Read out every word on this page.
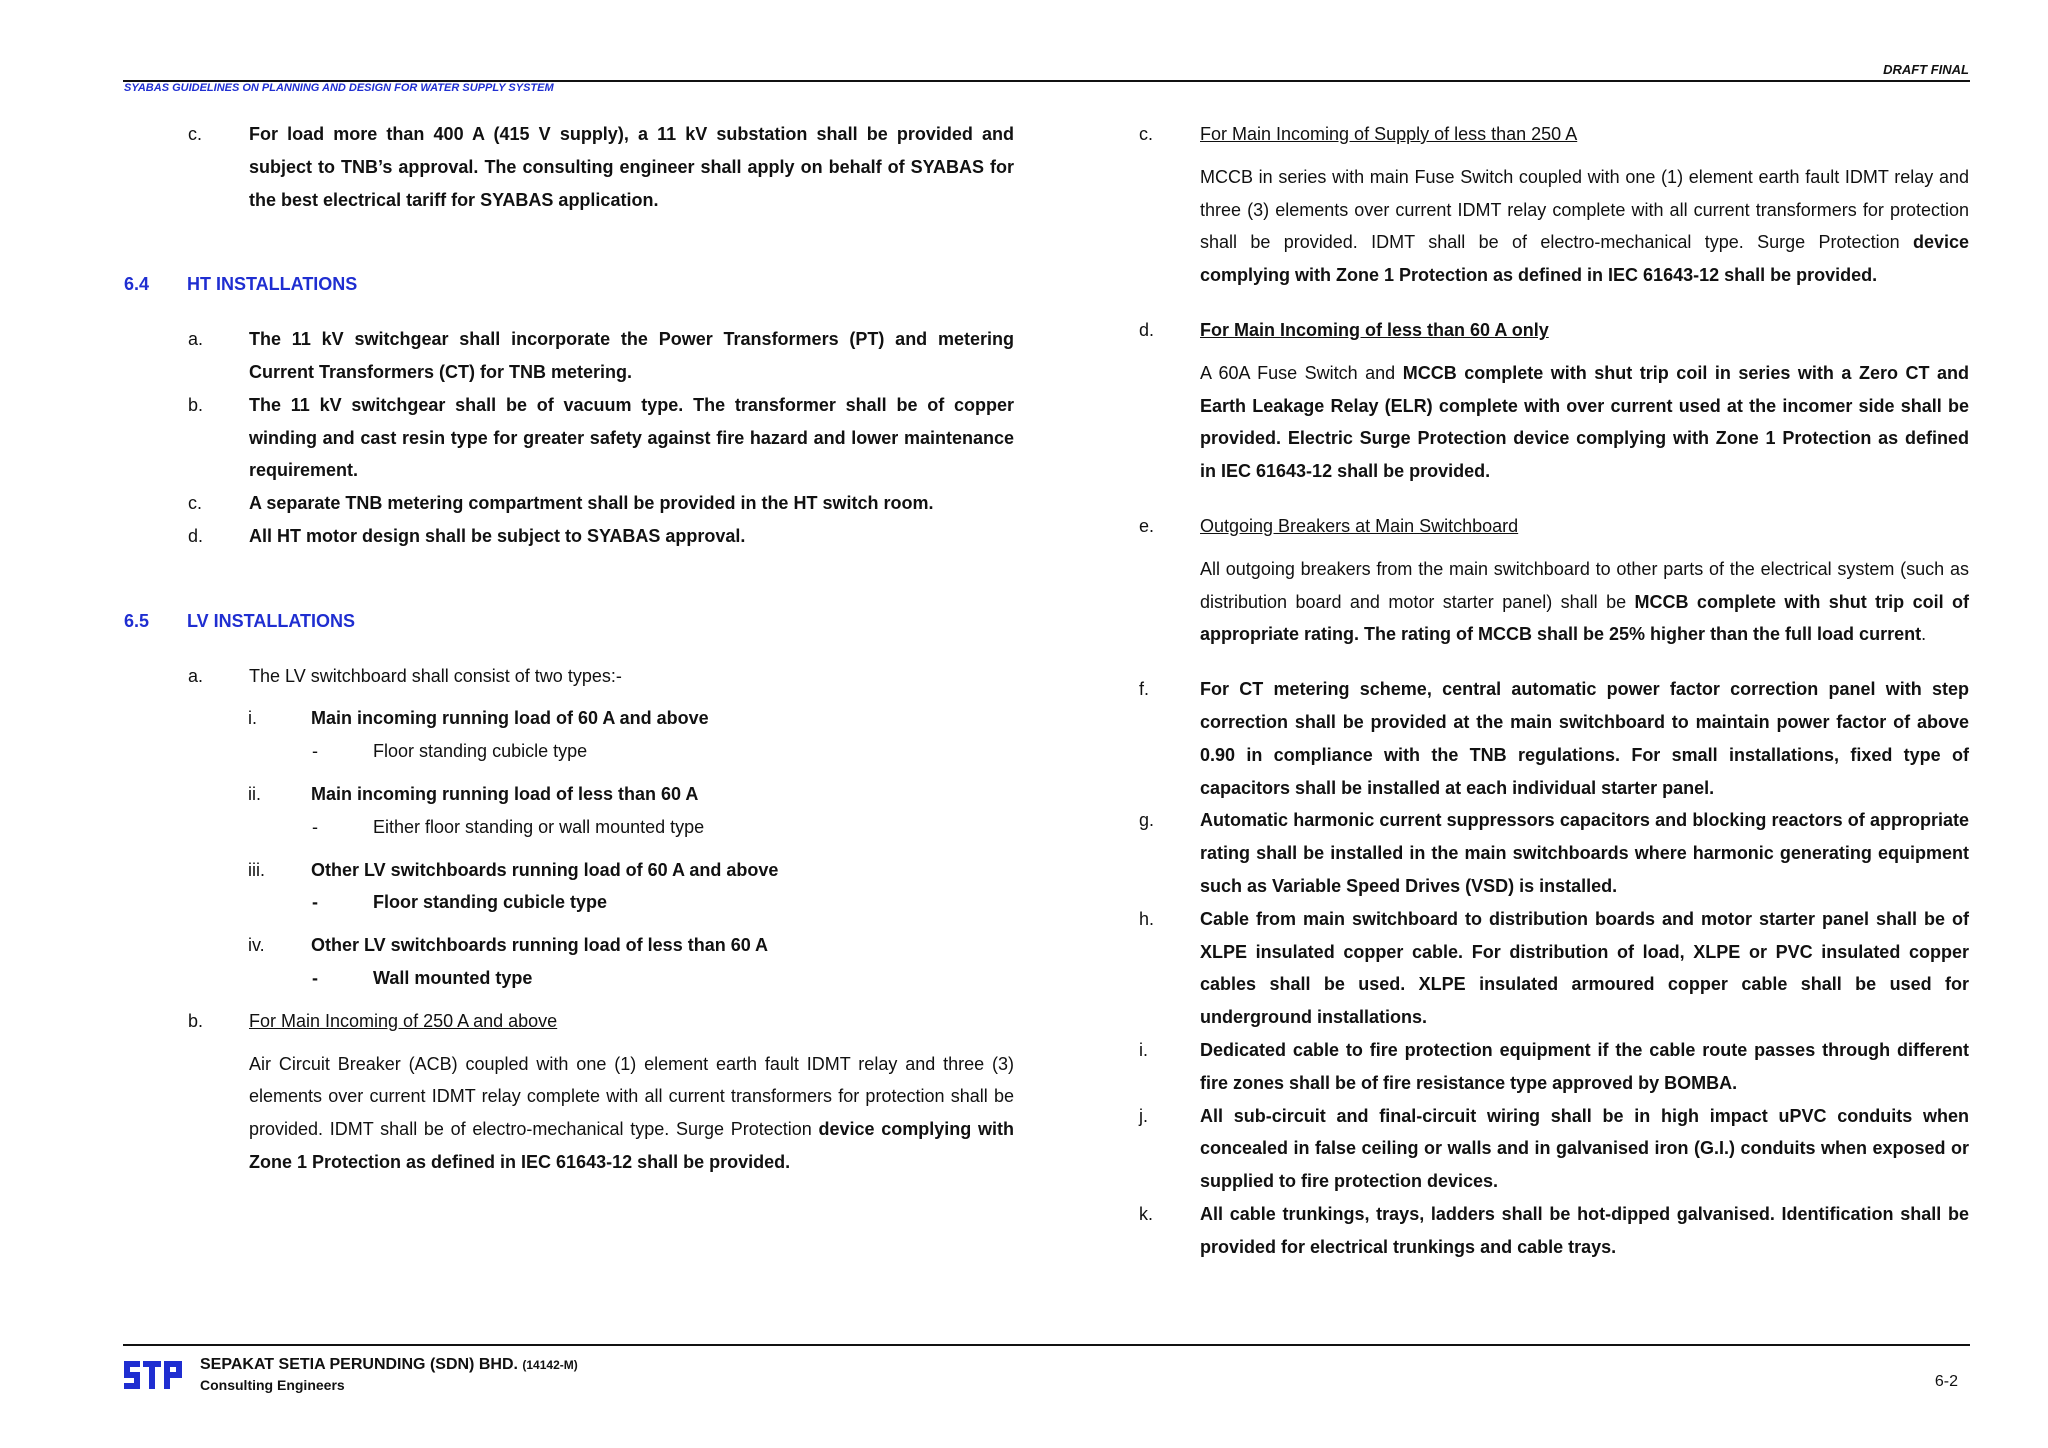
DRAFT FINAL
SYABAS GUIDELINES ON PLANNING AND DESIGN FOR WATER SUPPLY SYSTEM
c.	For load more than 400 A (415 V supply), a 11 kV substation shall be provided and subject to TNB’s approval. The consulting engineer shall apply on behalf of SYABAS for the best electrical tariff for SYABAS application.
6.4 HT INSTALLATIONS
a.	The 11 kV switchgear shall incorporate the Power Transformers (PT) and metering Current Transformers (CT) for TNB metering.
b.	The 11 kV switchgear shall be of vacuum type. The transformer shall be of copper winding and cast resin type for greater safety against fire hazard and lower maintenance requirement.
c.	A separate TNB metering compartment shall be provided in the HT switch room.
d.	All HT motor design shall be subject to SYABAS approval.
6.5 LV INSTALLATIONS
a.	The LV switchboard shall consist of two types:-
i.	Main incoming running load of 60 A and above
-	Floor standing cubicle type
ii.	Main incoming running load of less than 60 A
-	Either floor standing or wall mounted type
iii.	Other LV switchboards running load of 60 A and above
-	Floor standing cubicle type
iv.	Other LV switchboards running load of less than 60 A
-	Wall mounted type
b.	For Main Incoming of 250 A and above
Air Circuit Breaker (ACB) coupled with one (1) element earth fault IDMT relay and three (3) elements over current IDMT relay complete with all current transformers for protection shall be provided. IDMT shall be of electro-mechanical type. Surge Protection device complying with Zone 1 Protection as defined in IEC 61643-12 shall be provided.
c.	For Main Incoming of Supply of less than 250 A
MCCB in series with main Fuse Switch coupled with one (1) element earth fault IDMT relay and three (3) elements over current IDMT relay complete with all current transformers for protection shall be provided. IDMT shall be of electro-mechanical type. Surge Protection device complying with Zone 1 Protection as defined in IEC 61643-12 shall be provided.
d.	For Main Incoming of less than 60 A only
A 60A Fuse Switch and MCCB complete with shut trip coil in series with a Zero CT and Earth Leakage Relay (ELR) complete with over current used at the incomer side shall be provided. Electric Surge Protection device complying with Zone 1 Protection as defined in IEC 61643-12 shall be provided.
e.	Outgoing Breakers at Main Switchboard
All outgoing breakers from the main switchboard to other parts of the electrical system (such as distribution board and motor starter panel) shall be MCCB complete with shut trip coil of appropriate rating. The rating of MCCB shall be 25% higher than the full load current.
f.	For CT metering scheme, central automatic power factor correction panel with step correction shall be provided at the main switchboard to maintain power factor of above 0.90 in compliance with the TNB regulations. For small installations, fixed type of capacitors shall be installed at each individual starter panel.
g.	Automatic harmonic current suppressors capacitors and blocking reactors of appropriate rating shall be installed in the main switchboards where harmonic generating equipment such as Variable Speed Drives (VSD) is installed.
h.	Cable from main switchboard to distribution boards and motor starter panel shall be of XLPE insulated copper cable. For distribution of load, XLPE or PVC insulated copper cables shall be used. XLPE insulated armoured copper cable shall be used for underground installations.
i.	Dedicated cable to fire protection equipment if the cable route passes through different fire zones shall be of fire resistance type approved by BOMBA.
j.	All sub-circuit and final-circuit wiring shall be in high impact uPVC conduits when concealed in false ceiling or walls and in galvanised iron (G.I.) conduits when exposed or supplied to fire protection devices.
k.	All cable trunkings, trays, ladders shall be hot-dipped galvanised. Identification shall be provided for electrical trunkings and cable trays.
SEPAKAT SETIA PERUNDING (SDN) BHD. (14142-M)
Consulting Engineers	6-2
